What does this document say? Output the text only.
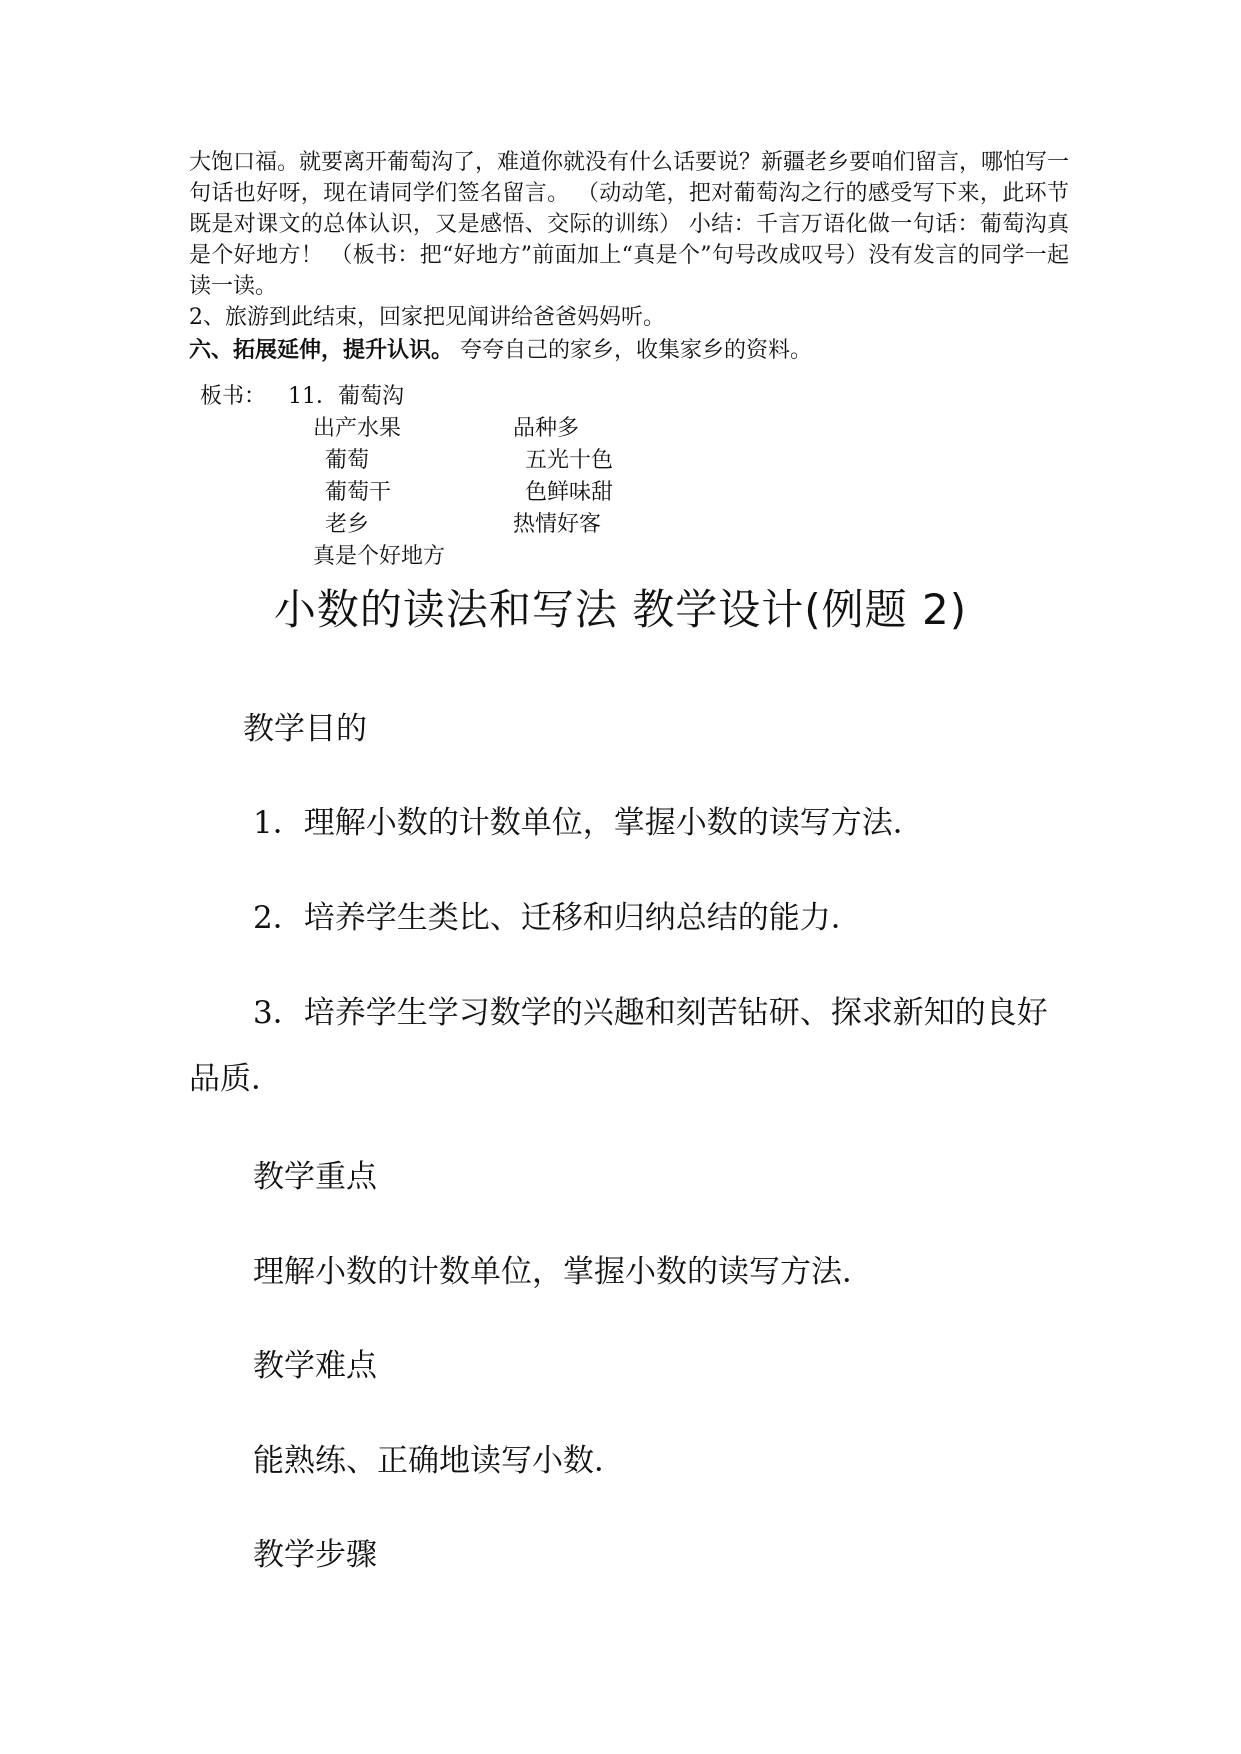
大饱口福。就要离开葡萄沟了，难道你就没有什么话要说？新疆老乡要咱们留言，哪怕写一句话也好呀，现在请同学们签名留言。 （动动笔，把对葡萄沟之行的感受写下来，此环节既是对课文的总体认识，又是感悟、交际的训练） 小结：千言万语化做一句话：葡萄沟真是个好地方！ （板书：把“好地方”前面加上“真是个”句号改成叹号）没有发言的同学一起读一读。

2、旅游到此结束，回家把见闻讲给爸爸妈妈听。

六、拓展延伸，提升认识。 夸夸自己的家乡，收集家乡的资料。

板书： 11．葡萄沟
出产水果	品种多
葡萄	五光十色
葡萄干	色鲜味甜
老乡	热情好客
真是个好地方
小数的读法和写法 教学设计(例题 2)
教学目的
1．理解小数的计数单位，掌握小数的读写方法．
2．培养学生类比、迁移和归纳总结的能力．
3．培养学生学习数学的兴趣和刻苦钻研、探求新知的良好品质．
教学重点
理解小数的计数单位，掌握小数的读写方法．
教学难点
能熟练、正确地读写小数．
教学步骤
